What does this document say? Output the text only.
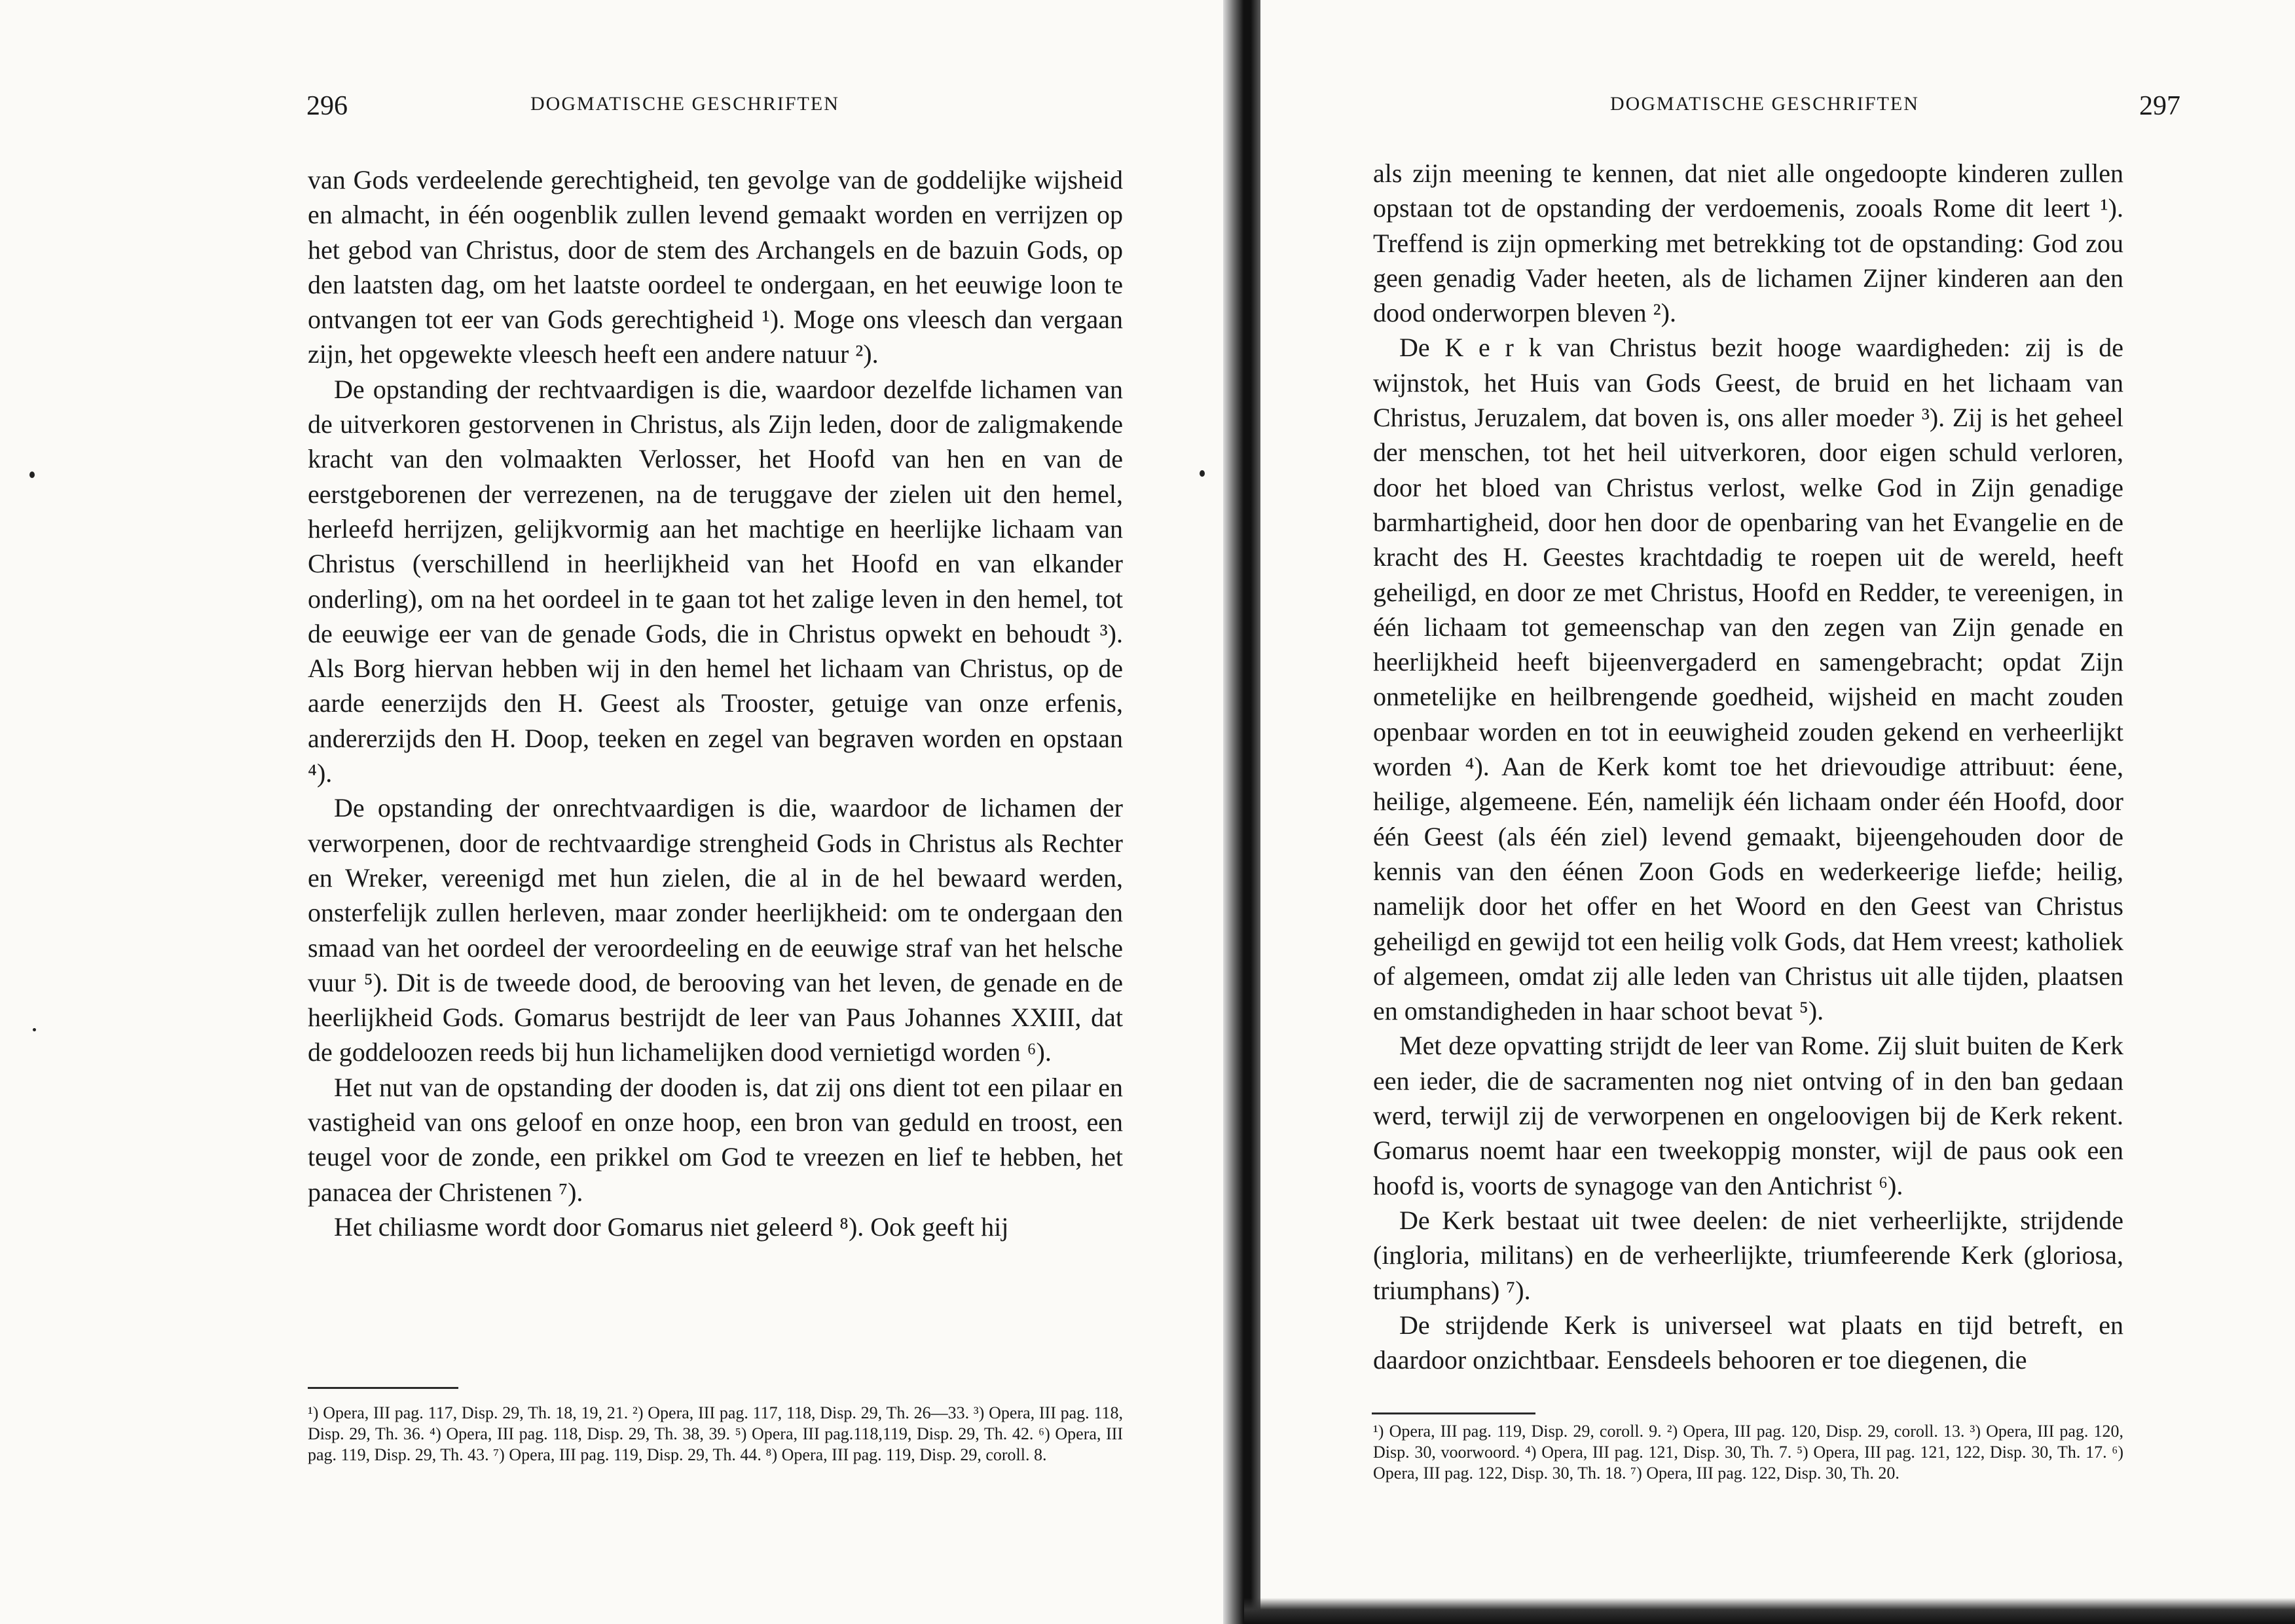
296	DOGMATISCHE GESCHRIFTEN

van Gods verdeelende gerechtigheid, ten gevolge van de goddelijke wijsheid en almacht, in één oogenblik zullen levend gemaakt worden en verrijzen op het gebod van Christus, door de stem des Archangels en de bazuin Gods, op den laatsten dag, om het laatste oordeel te ondergaan, en het eeuwige loon te ontvangen tot eer van Gods gerechtigheid ¹). Moge ons vleesch dan vergaan zijn, het opgewekte vleesch heeft een andere natuur ²).

De opstanding der rechtvaardigen is die, waardoor dezelfde lichamen van de uitverkoren gestorvenen in Christus, als Zijn leden, door de zaligmakende kracht van den volmaakten Verlosser, het Hoofd van hen en van de eerstgeborenen der verrezenen, na de teruggave der zielen uit den hemel, herleefd herrijzen, gelijkvormig aan het machtige en heerlijke lichaam van Christus (verschillend in heerlijkheid van het Hoofd en van elkander onderling), om na het oordeel in te gaan tot het zalige leven in den hemel, tot de eeuwige eer van de genade Gods, die in Christus opwekt en behoudt ³). Als Borg hiervan hebben wij in den hemel het lichaam van Christus, op de aarde eenerzijds den H. Geest als Trooster, getuige van onze erfenis, andererzijds den H. Doop, teeken en zegel van begraven worden en opstaan ⁴).

De opstanding der onrechtvaardigen is die, waardoor de lichamen der verworpenen, door de rechtvaardige strengheid Gods in Christus als Rechter en Wreker, vereenigd met hun zielen, die al in de hel bewaard werden, onsterfelijk zullen herleven, maar zonder heerlijkheid: om te ondergaan den smaad van het oordeel der veroordeeling en de eeuwige straf van het helsche vuur ⁵). Dit is de tweede dood, de berooving van het leven, de genade en de heerlijkheid Gods. Gomarus bestrijdt de leer van Paus Johannes XXIII, dat de goddeloozen reeds bij hun lichamelijken dood vernietigd worden ⁶).

Het nut van de opstanding der dooden is, dat zij ons dient tot een pilaar en vastigheid van ons geloof en onze hoop, een bron van geduld en troost, een teugel voor de zonde, een prikkel om God te vreezen en lief te hebben, het panacea der Christenen ⁷).

Het chiliasme wordt door Gomarus niet geleerd ⁸). Ook geeft hij

¹) Opera, III pag. 117, Disp. 29, Th. 18, 19, 21. ²) Opera, III pag. 117, 118, Disp. 29, Th. 26—33. ³) Opera, III pag. 118, Disp. 29, Th. 36. ⁴) Opera, III pag. 118, Disp. 29, Th. 38, 39. ⁵) Opera, III pag.118,119, Disp. 29, Th. 42. ⁶) Opera, III pag. 119, Disp. 29, Th. 43. ⁷) Opera, III pag. 119, Disp. 29, Th. 44. ⁸) Opera, III pag. 119, Disp. 29, coroll. 8.
DOGMATISCHE GESCHRIFTEN	297

als zijn meening te kennen, dat niet alle ongedoopte kinderen zullen opstaan tot de opstanding der verdoemenis, zooals Rome dit leert ¹). Treffend is zijn opmerking met betrekking tot de opstanding: God zou geen genadig Vader heeten, als de lichamen Zijner kinderen aan den dood onderworpen bleven ²).

De K e r k van Christus bezit hooge waardigheden: zij is de wijnstok, het Huis van Gods Geest, de bruid en het lichaam van Christus, Jeruzalem, dat boven is, ons aller moeder ³). Zij is het geheel der menschen, tot het heil uitverkoren, door eigen schuld verloren, door het bloed van Christus verlost, welke God in Zijn genadige barmhartigheid, door hen door de openbaring van het Evangelie en de kracht des H. Geestes krachtdadig te roepen uit de wereld, heeft geheiligd, en door ze met Christus, Hoofd en Redder, te vereenigen, in één lichaam tot gemeenschap van den zegen van Zijn genade en heerlijkheid heeft bijeenvergaderd en samengebracht; opdat Zijn onmetelijke en heilbrengende goedheid, wijsheid en macht zouden openbaar worden en tot in eeuwigheid zouden gekend en verheerlijkt worden ⁴). Aan de Kerk komt toe het drievoudige attribuut: éene, heilige, algemeene. Eén, namelijk één lichaam onder één Hoofd, door één Geest (als één ziel) levend gemaakt, bijeengehouden door de kennis van den éénen Zoon Gods en wederkeerige liefde; heilig, namelijk door het offer en het Woord en den Geest van Christus geheiligd en gewijd tot een heilig volk Gods, dat Hem vreest; katholiek of algemeen, omdat zij alle leden van Christus uit alle tijden, plaatsen en omstandigheden in haar schoot bevat ⁵).

Met deze opvatting strijdt de leer van Rome. Zij sluit buiten de Kerk een ieder, die de sacramenten nog niet ontving of in den ban gedaan werd, terwijl zij de verworpenen en ongeloovigen bij de Kerk rekent. Gomarus noemt haar een tweekoppig monster, wijl de paus ook een hoofd is, voorts de synagoge van den Antichrist ⁶).

De Kerk bestaat uit twee deelen: de niet verheerlijkte, strijdende (ingloria, militans) en de verheerlijkte, triumfeerende Kerk (gloriosa, triumphans) ⁷).

De strijdende Kerk is universeel wat plaats en tijd betreft, en daardoor onzichtbaar. Eensdeels behooren er toe diegenen, die

¹) Opera, III pag. 119, Disp. 29, coroll. 9. ²) Opera, III pag. 120, Disp. 29, coroll. 13. ³) Opera, III pag. 120, Disp. 30, voorwoord. ⁴) Opera, III pag. 121, Disp. 30, Th. 7. ⁵) Opera, III pag. 121, 122, Disp. 30, Th. 17. ⁶) Opera, III pag. 122, Disp. 30, Th. 18. ⁷) Opera, III pag. 122, Disp. 30, Th. 20.
